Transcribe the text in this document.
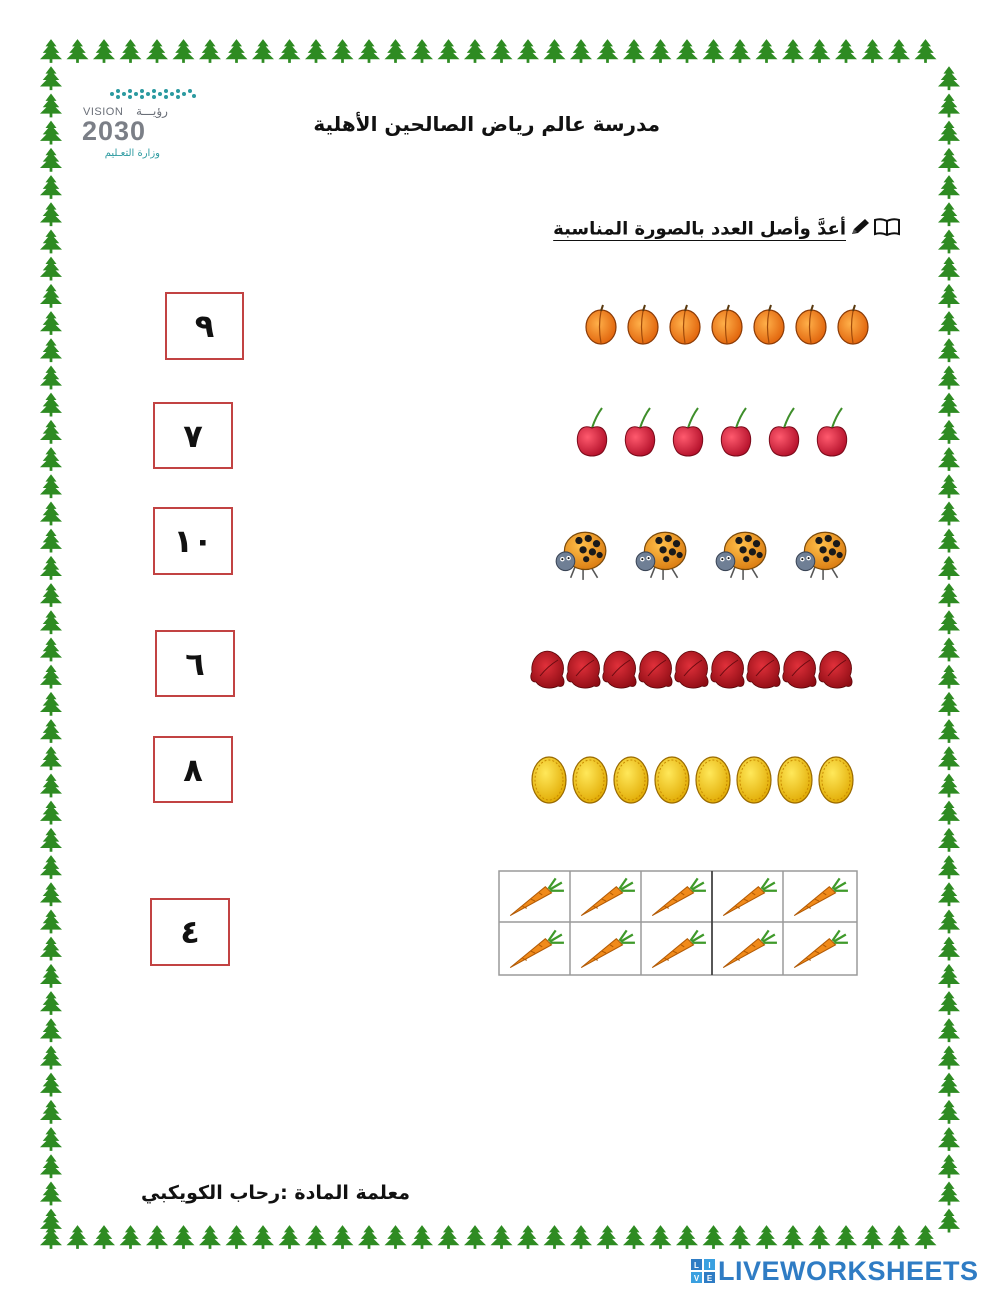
VISION رؤيـــة
2030
وزارة التعـليم
مدرسة عالم رياض الصالحين الأهلية
أعدَّ وأصل العدد بالصورة المناسبة
٩
٧
١٠
٦
٨
٤
معلمة المادة :رحاب الكويكبي
L I
V E LIVEWORKSHEETS
